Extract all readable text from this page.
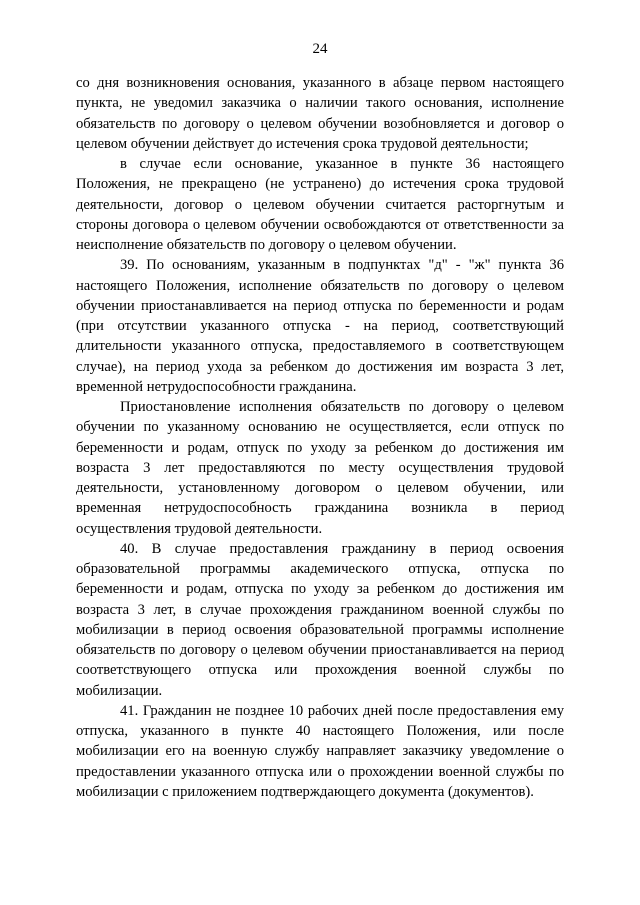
24

со дня возникновения основания, указанного в абзаце первом настоящего пункта, не уведомил заказчика о наличии такого основания, исполнение обязательств по договору о целевом обучении возобновляется и договор о целевом обучении действует до истечения срока трудовой деятельности;

в случае если основание, указанное в пункте 36 настоящего Положения, не прекращено (не устранено) до истечения срока трудовой деятельности, договор о целевом обучении считается расторгнутым и стороны договора о целевом обучении освобождаются от ответственности за неисполнение обязательств по договору о целевом обучении.

39. По основаниям, указанным в подпунктах "д" - "ж" пункта 36 настоящего Положения, исполнение обязательств по договору о целевом обучении приостанавливается на период отпуска по беременности и родам (при отсутствии указанного отпуска - на период, соответствующий длительности указанного отпуска, предоставляемого в соответствующем случае), на период ухода за ребенком до достижения им возраста 3 лет, временной нетрудоспособности гражданина.

Приостановление исполнения обязательств по договору о целевом обучении по указанному основанию не осуществляется, если отпуск по беременности и родам, отпуск по уходу за ребенком до достижения им возраста 3 лет предоставляются по месту осуществления трудовой деятельности, установленному договором о целевом обучении, или временная нетрудоспособность гражданина возникла в период осуществления трудовой деятельности.

40. В случае предоставления гражданину в период освоения образовательной программы академического отпуска, отпуска по беременности и родам, отпуска по уходу за ребенком до достижения им возраста 3 лет, в случае прохождения гражданином военной службы по мобилизации в период освоения образовательной программы исполнение обязательств по договору о целевом обучении приостанавливается на период соответствующего отпуска или прохождения военной службы по мобилизации.

41. Гражданин не позднее 10 рабочих дней после предоставления ему отпуска, указанного в пункте 40 настоящего Положения, или после мобилизации его на военную службу направляет заказчику уведомление о предоставлении указанного отпуска или о прохождении военной службы по мобилизации с приложением подтверждающего документа (документов).
